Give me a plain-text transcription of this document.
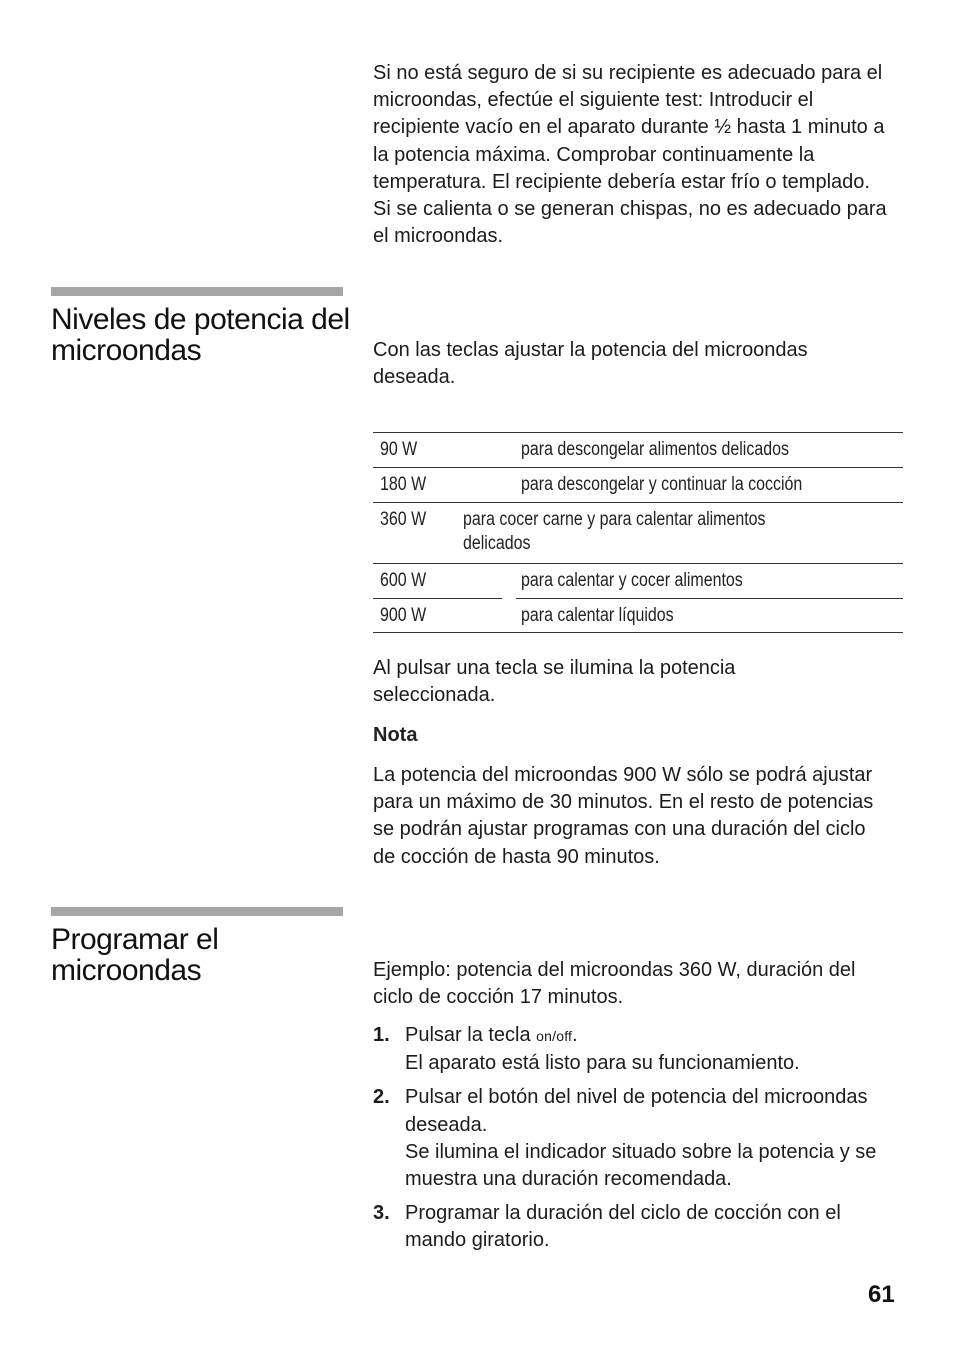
Si no está seguro de si su recipiente es adecuado para el microondas, efectúe el siguiente test: Introducir el recipiente vacío en el aparato durante ½ hasta 1 minuto a la potencia máxima. Comprobar continuamente la temperatura. El recipiente debería estar frío o templado. Si se calienta o se generan chispas, no es adecuado para el microondas.

Niveles de potencia del microondas	Con las teclas ajustar la potencia del microondas deseada.

90 W	para descongelar alimentos delicados
180 W	para descongelar y continuar la cocción
360 W	para cocer carne y para calentar alimentos delicados
600 W	para calentar y cocer alimentos
900 W	para calentar líquidos

Al pulsar una tecla se ilumina la potencia seleccionada.

Nota

La potencia del microondas 900 W sólo se podrá ajustar para un máximo de 30 minutos. En el resto de potencias se podrán ajustar programas con una duración del ciclo de cocción de hasta 90 minutos.

Programar el microondas	Ejemplo: potencia del microondas 360 W, duración del ciclo de cocción 17 minutos.

1. Pulsar la tecla on/off.
El aparato está listo para su funcionamiento.
2. Pulsar el botón del nivel de potencia del microondas deseada.
Se ilumina el indicador situado sobre la potencia y se muestra una duración recomendada.
3. Programar la duración del ciclo de cocción con el mando giratorio.
61
